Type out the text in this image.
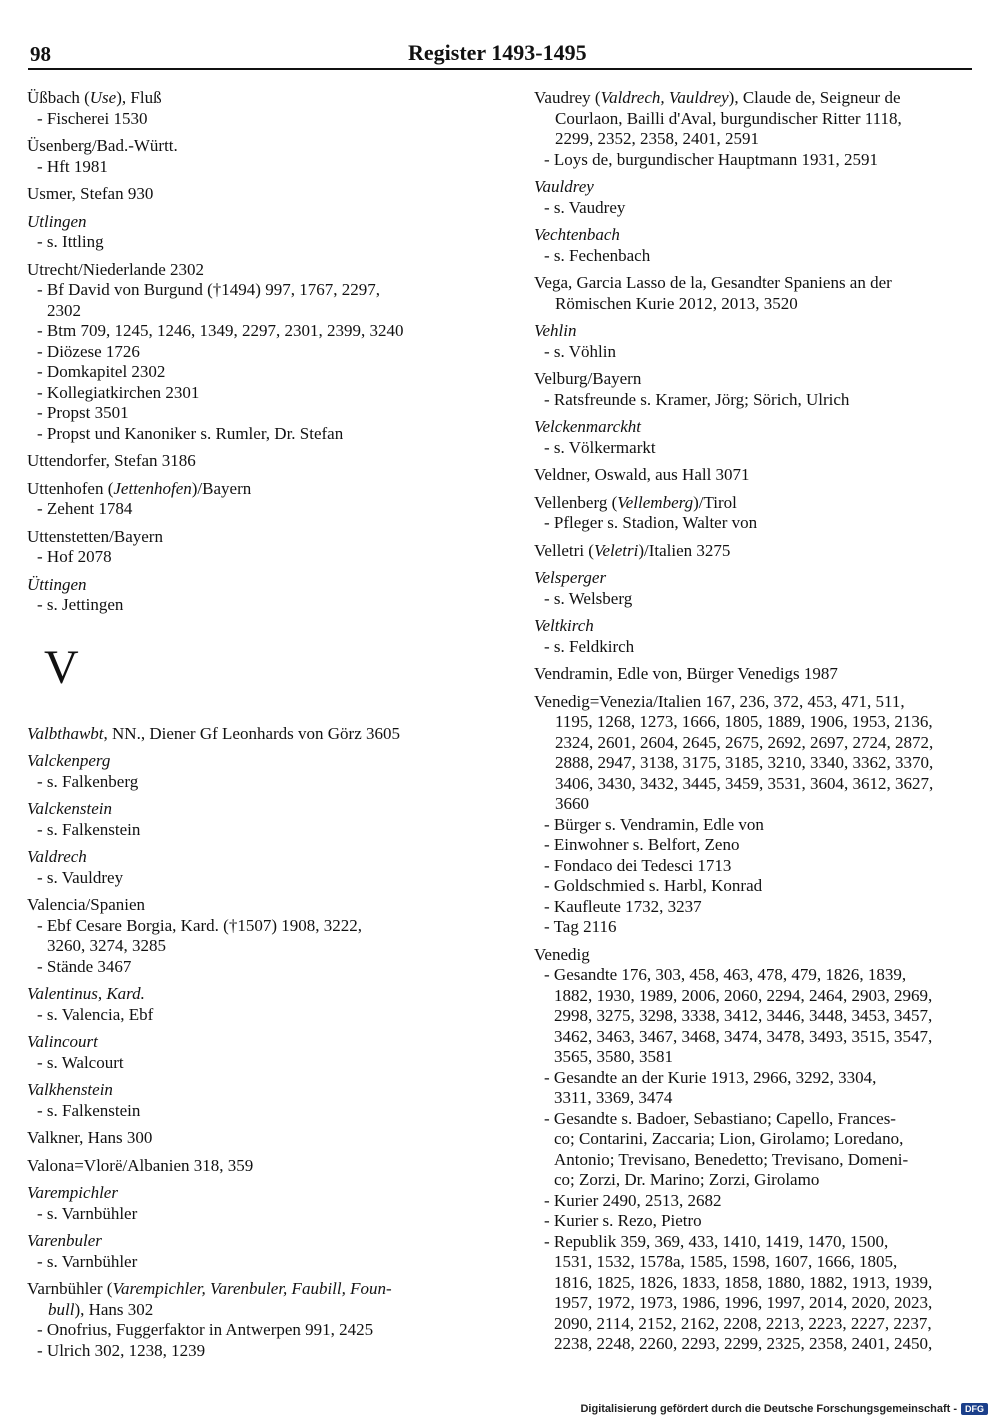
98	Register 1493-1495
Üßbach (Use), Fluß
- Fischerei 1530
Üsenberg/Bad.-Württ.
- Hft 1981
Usmer, Stefan 930
Utlingen
- s. Ittling
Utrecht/Niederlande 2302
- Bf David von Burgund (†1494) 997, 1767, 2297,
2302
- Btm 709, 1245, 1246, 1349, 2297, 2301, 2399, 3240
- Diözese 1726
- Domkapitel 2302
- Kollegiatkirchen 2301
- Propst 3501
- Propst und Kanoniker s. Rumler, Dr. Stefan
Uttendorfer, Stefan 3186
Uttenhofen (Jettenhofen)/Bayern
- Zehent 1784
Uttenstetten/Bayern
- Hof 2078
Üttingen
- s. Jettingen
V
Valbthawbt, NN., Diener Gf Leonhards von Görz 3605
Valckenperg
- s. Falkenberg
Valckenstein
- s. Falkenstein
Valdrech
- s. Vauldrey
Valencia/Spanien
- Ebf Cesare Borgia, Kard. (†1507) 1908, 3222,
3260, 3274, 3285
- Stände 3467
Valentinus, Kard.
- s. Valencia, Ebf
Valincourt
- s. Walcourt
Valkhenstein
- s. Falkenstein
Valkner, Hans 300
Valona=Vlorë/Albanien 318, 359
Varempichler
- s. Varnbühler
Varenbuler
- s. Varnbühler
Varnbühler (Varempichler, Varenbuler, Faubill, Foun-
bull), Hans 302
- Onofrius, Fuggerfaktor in Antwerpen 991, 2425
- Ulrich 302, 1238, 1239
Vaudrey (Valdrech, Vauldrey), Claude de, Seigneur de
Courlaon, Bailli d'Aval, burgundischer Ritter 1118,
2299, 2352, 2358, 2401, 2591
- Loys de, burgundischer Hauptmann 1931, 2591
Vauldrey
- s. Vaudrey
Vechtenbach
- s. Fechenbach
Vega, Garcia Lasso de la, Gesandter Spaniens an der
Römischen Kurie 2012, 2013, 3520
Vehlin
- s. Vöhlin
Velburg/Bayern
- Ratsfreunde s. Kramer, Jörg; Sörich, Ulrich
Velckenmarckht
- s. Völkermarkt
Veldner, Oswald, aus Hall 3071
Vellenberg (Vellemberg)/Tirol
- Pfleger s. Stadion, Walter von
Velletri (Veletri)/Italien 3275
Velsperger
- s. Welsberg
Veltkirch
- s. Feldkirch
Vendramin, Edle von, Bürger Venedigs 1987
Venedig=Venezia/Italien 167, 236, 372, 453, 471, 511,
1195, 1268, 1273, 1666, 1805, 1889, 1906, 1953, 2136,
2324, 2601, 2604, 2645, 2675, 2692, 2697, 2724, 2872,
2888, 2947, 3138, 3175, 3185, 3210, 3340, 3362, 3370,
3406, 3430, 3432, 3445, 3459, 3531, 3604, 3612, 3627,
3660
- Bürger s. Vendramin, Edle von
- Einwohner s. Belfort, Zeno
- Fondaco dei Tedesci 1713
- Goldschmied s. Harbl, Konrad
- Kaufleute 1732, 3237
- Tag 2116
Venedig
- Gesandte 176, 303, 458, 463, 478, 479, 1826, 1839,
1882, 1930, 1989, 2006, 2060, 2294, 2464, 2903, 2969,
2998, 3275, 3298, 3338, 3412, 3446, 3448, 3453, 3457,
3462, 3463, 3467, 3468, 3474, 3478, 3493, 3515, 3547,
3565, 3580, 3581
- Gesandte an der Kurie 1913, 2966, 3292, 3304,
3311, 3369, 3474
- Gesandte s. Badoer, Sebastiano; Capello, Frances-
co; Contarini, Zaccaria; Lion, Girolamo; Loredano,
Antonio; Trevisano, Benedetto; Trevisano, Domeni-
co; Zorzi, Dr. Marino; Zorzi, Girolamo
- Kurier 2490, 2513, 2682
- Kurier s. Rezo, Pietro
- Republik 359, 369, 433, 1410, 1419, 1470, 1500,
1531, 1532, 1578a, 1585, 1598, 1607, 1666, 1805,
1816, 1825, 1826, 1833, 1858, 1880, 1882, 1913, 1939,
1957, 1972, 1973, 1986, 1996, 1997, 2014, 2020, 2023,
2090, 2114, 2152, 2162, 2208, 2213, 2223, 2227, 2237,
2238, 2248, 2260, 2293, 2299, 2325, 2358, 2401, 2450,
Digitalisierung gefördert durch die Deutsche Forschungsgemeinschaft - DFG
